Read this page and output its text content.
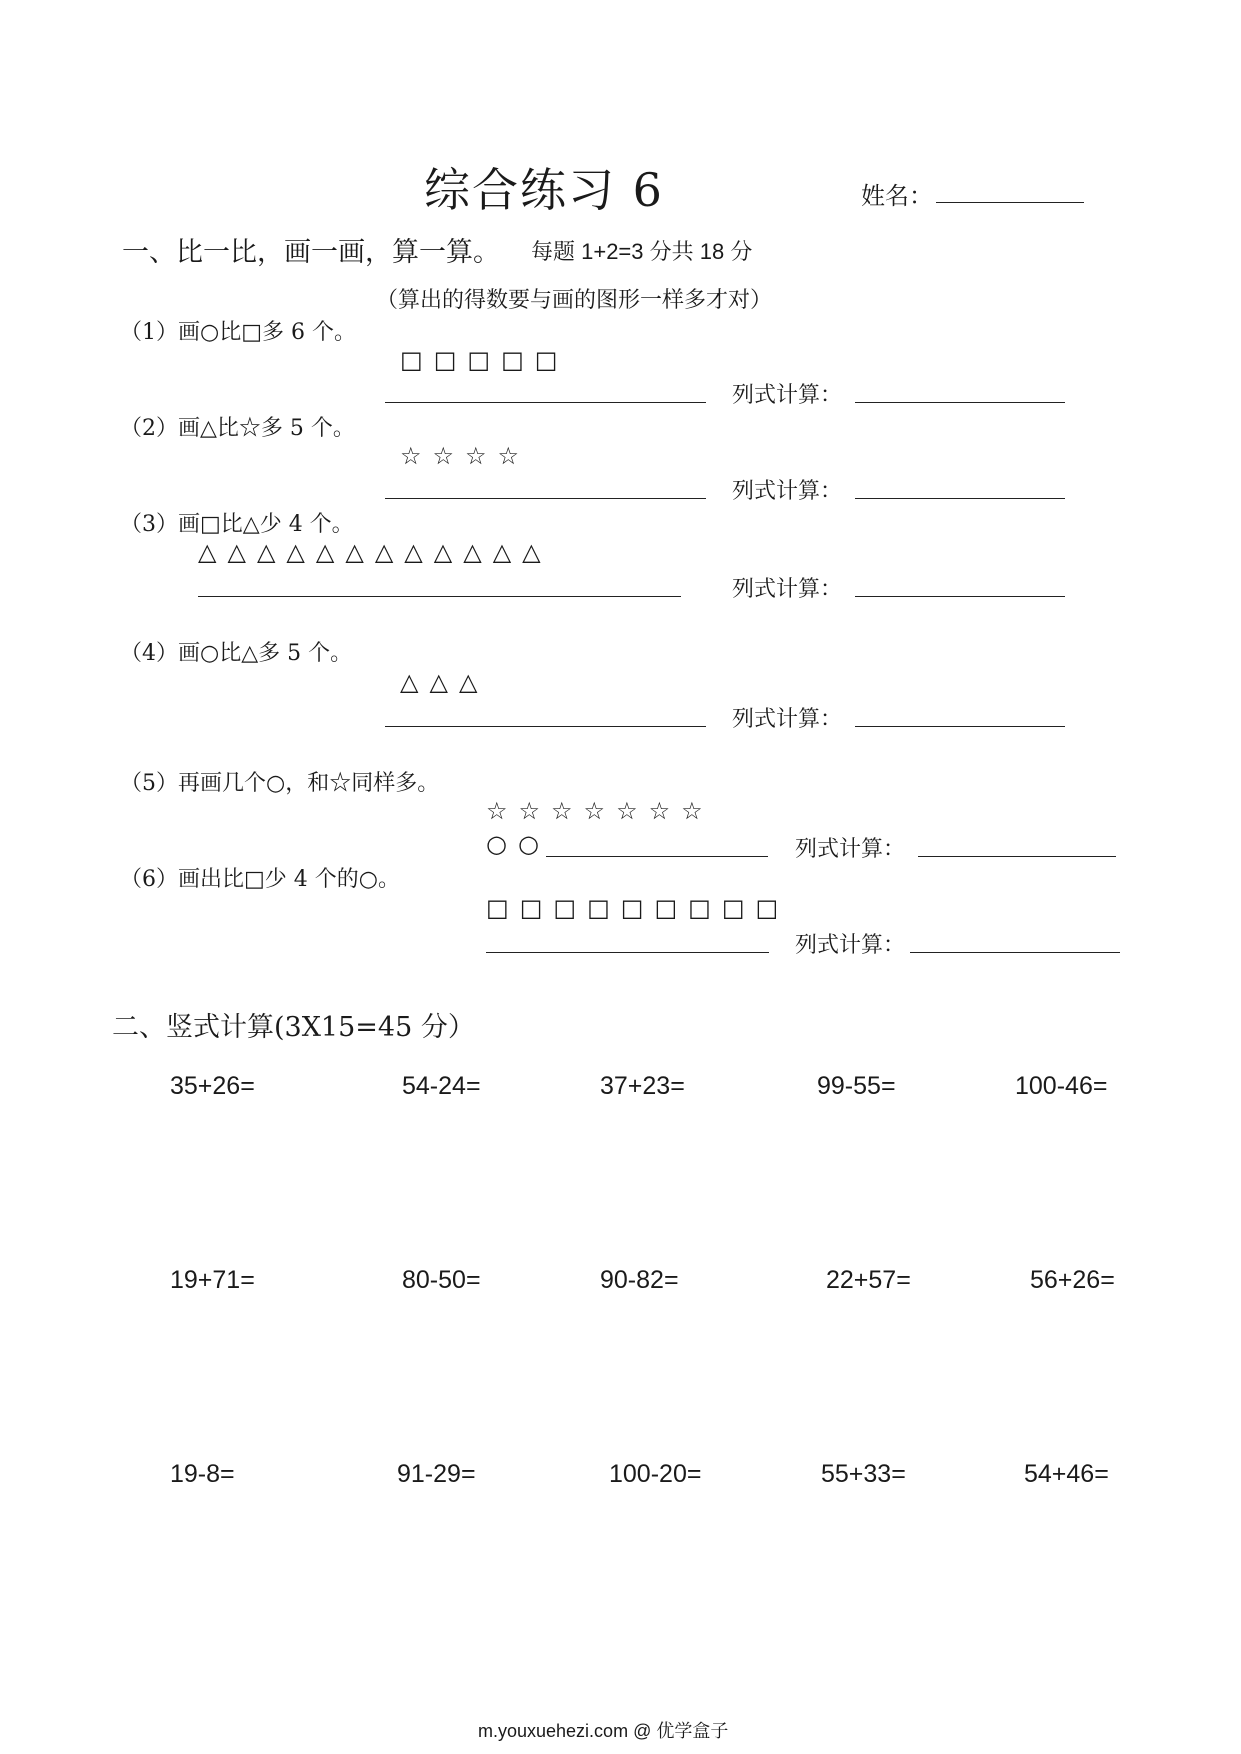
综合练习 6	姓名：
一、比一比，画一画，算一算。 每题 1+2=3 分共 18 分
（算出的得数要与画的图形一样多才对）
（1）画○比□多 6 个。
□ □ □ □ □
列式计算：
（2）画△比☆多 5 个。
☆ ☆ ☆ ☆
列式计算：
（3）画□比△少 4 个。
△ △ △ △ △ △ △ △ △ △ △ △
列式计算：
（4）画○比△多 5 个。
△ △ △
列式计算：
（5）再画几个○，和☆同样多。
☆ ☆ ☆ ☆ ☆ ☆ ☆
○ ○	列式计算：
（6）画出比□少 4 个的○。
□ □ □ □ □ □ □ □ □
列式计算：
二、竖式计算(3X15=45 分）
35+26=	54-24=	37+23=	99-55=	100-46=
19+71=	80-50=	90-82=	22+57=	56+26=
19-8=	91-29=	100-20=	55+33=	54+46=
m.youxuehezi.com @ 优学盒子
